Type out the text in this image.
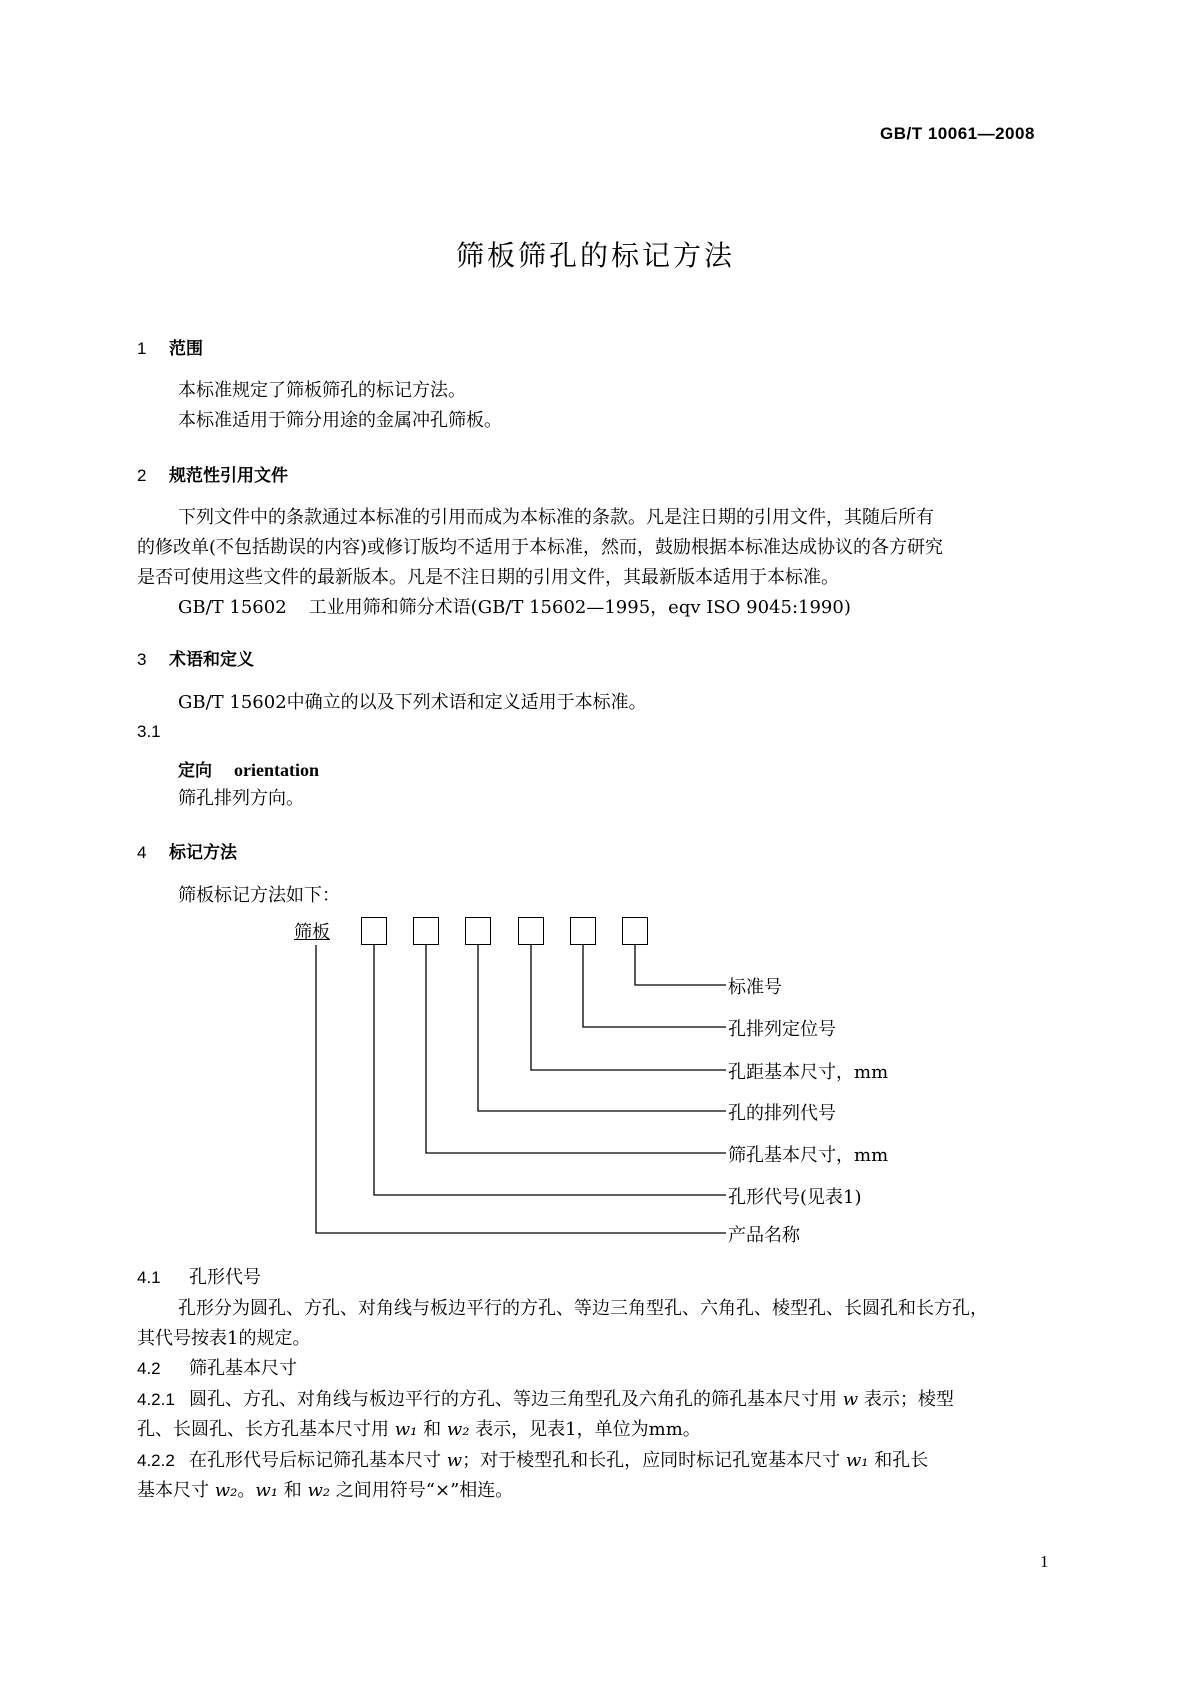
GB/T 10061—2008
筛板筛孔的标记方法
1 范围
本标准规定了筛板筛孔的标记方法。
本标准适用于筛分用途的金属冲孔筛板。
2 规范性引用文件
下列文件中的条款通过本标准的引用而成为本标准的条款。凡是注日期的引用文件，其随后所有
的修改单(不包括勘误的内容)或修订版均不适用于本标准，然而，鼓励根据本标准达成协议的各方研究
是否可使用这些文件的最新版本。凡是不注日期的引用文件，其最新版本适用于本标准。
GB/T 15602 工业用筛和筛分术语(GB/T 15602—1995，eqv ISO 9045:1990)
3 术语和定义
GB/T 15602中确立的以及下列术语和定义适用于本标准。
3.1
定向 orientation
筛孔排列方向。
4 标记方法
筛板标记方法如下：
筛板
标准号
孔排列定位号
孔距基本尺寸，mm
孔的排列代号
筛孔基本尺寸，mm
孔形代号(见表1)
产品名称
4.1 孔形代号
孔形分为圆孔、方孔、对角线与板边平行的方孔、等边三角型孔、六角孔、棱型孔、长圆孔和长方孔，
其代号按表1的规定。
4.2 筛孔基本尺寸
4.2.1 圆孔、方孔、对角线与板边平行的方孔、等边三角型孔及六角孔的筛孔基本尺寸用 w 表示；棱型
孔、长圆孔、长方孔基本尺寸用 w₁ 和 w₂ 表示，见表1，单位为mm。
4.2.2 在孔形代号后标记筛孔基本尺寸 w；对于棱型孔和长孔，应同时标记孔宽基本尺寸 w₁ 和孔长
基本尺寸 w₂。w₁ 和 w₂ 之间用符号“×”相连。
1
